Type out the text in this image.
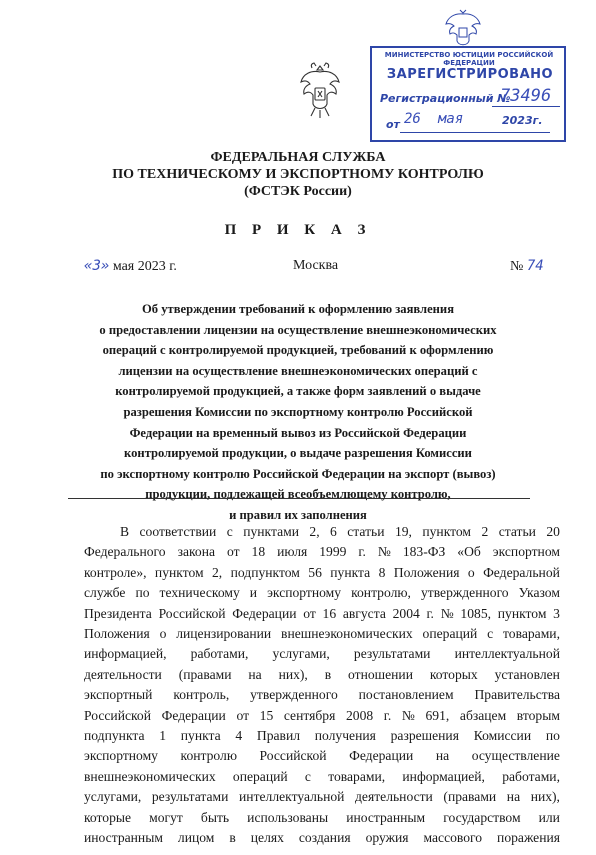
МИНИСТЕРСТВО ЮСТИЦИИ РОССИЙСКОЙ ФЕДЕРАЦИИ
ЗАРЕГИСТРИРОВАНО
Регистрационный №
73496
от 26 мая	2023г.
ФЕДЕРАЛЬНАЯ СЛУЖБА
ПО ТЕХНИЧЕСКОМУ И ЭКСПОРТНОМУ КОНТРОЛЮ
(ФСТЭК России)
П Р И К А З
«3» мая 2023 г.	Москва	№ 74
Об утверждении требований к оформлению заявления
о предоставлении лицензии на осуществление внешнеэкономических
операций с контролируемой продукцией, требований к оформлению
лицензии на осуществление внешнеэкономических операций с
контролируемой продукцией, а также форм заявлений о выдаче
разрешения Комиссии по экспортному контролю Российской
Федерации на временный вывоз из Российской Федерации
контролируемой продукции, о выдаче разрешения Комиссии
по экспортному контролю Российской Федерации на экспорт (вывоз)
продукции, подлежащей всеобъемлющему контролю,
и правил их заполнения
В соответствии с пунктами 2, 6 статьи 19, пунктом 2 статьи 20
Федерального закона от 18 июля 1999 г. № 183-ФЗ «Об экспортном
контроле», пунктом 2, подпунктом 56 пункта 8 Положения о Федеральной
службе по техническому и экспортному контролю, утвержденного Указом
Президента Российской Федерации от 16 августа 2004 г. № 1085, пунктом 3
Положения о лицензировании внешнеэкономических операций с товарами,
информацией, работами, услугами, результатами интеллектуальной
деятельности (правами на них), в отношении которых установлен
экспортный контроль, утвержденного постановлением Правительства
Российской Федерации от 15 сентября 2008 г. № 691, абзацем вторым
подпункта 1 пункта 4 Правил получения разрешения Комиссии по
экспортному контролю Российской Федерации на осуществление
внешнеэкономических операций с товарами, информацией, работами,
услугами, результатами интеллектуальной деятельности (правами на них),
которые могут быть использованы иностранным государством или
иностранным лицом в целях создания оружия массового поражения
